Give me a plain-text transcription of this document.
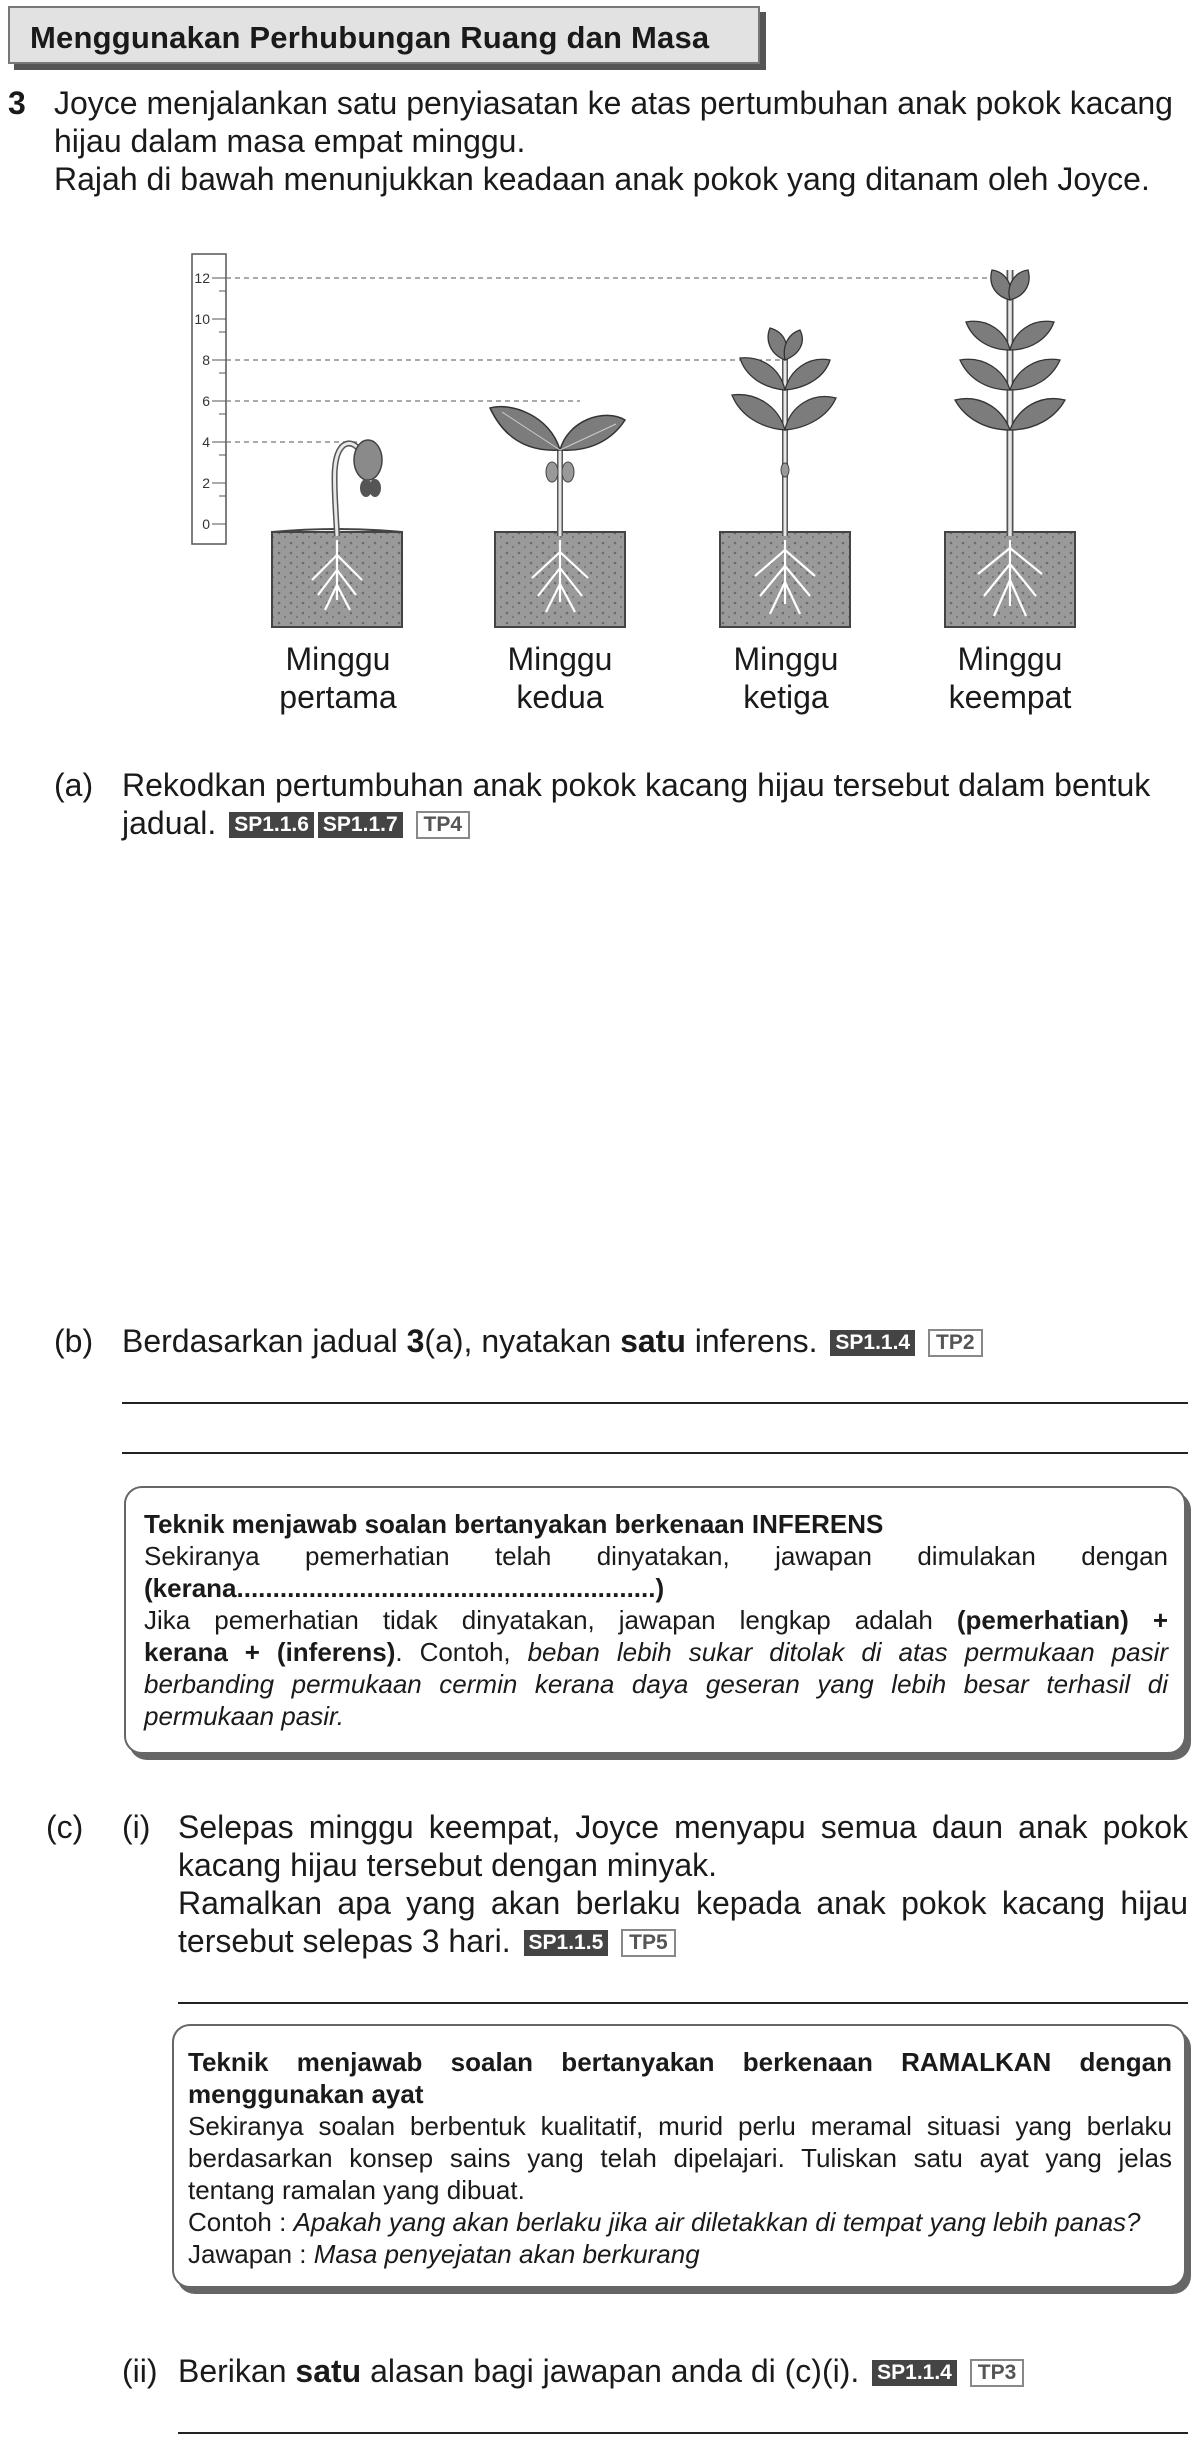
Menggunakan Perhubungan Ruang dan Masa
3 Joyce menjalankan satu penyiasatan ke atas pertumbuhan anak pokok kacang
hijau dalam masa empat minggu.
Rajah di bawah menunjukkan keadaan anak pokok yang ditanam oleh Joyce.
12
10
8
6
4
2
0
Minggu
pertama
Minggu
kedua
Minggu
ketiga
Minggu
keempat
(a) Rekodkan pertumbuhan anak pokok kacang hijau tersebut dalam bentuk
jadual. SP1.1.6 SP1.1.7 TP4
(b) Berdasarkan jadual 3(a), nyatakan satu inferens. SP1.1.4 TP2
Teknik menjawab soalan bertanyakan berkenaan INFERENS
Sekiranya pemerhatian telah dinyatakan, jawapan dimulakan dengan
(kerana..........................................................)
Jika pemerhatian tidak dinyatakan, jawapan lengkap adalah (pemerhatian) +
kerana + (inferens). Contoh, beban lebih sukar ditolak di atas permukaan pasir
berbanding permukaan cermin kerana daya geseran yang lebih besar terhasil di
permukaan pasir.
(c) (i) Selepas minggu keempat, Joyce menyapu semua daun anak pokok
kacang hijau tersebut dengan minyak.
Ramalkan apa yang akan berlaku kepada anak pokok kacang hijau
tersebut selepas 3 hari. SP1.1.5 TP5
Teknik menjawab soalan bertanyakan berkenaan RAMALKAN dengan
menggunakan ayat
Sekiranya soalan berbentuk kualitatif, murid perlu meramal situasi yang berlaku
berdasarkan konsep sains yang telah dipelajari. Tuliskan satu ayat yang jelas
tentang ramalan yang dibuat.
Contoh : Apakah yang akan berlaku jika air diletakkan di tempat yang lebih panas?
Jawapan : Masa penyejatan akan berkurang
(ii) Berikan satu alasan bagi jawapan anda di (c)(i). SP1.1.4 TP3
